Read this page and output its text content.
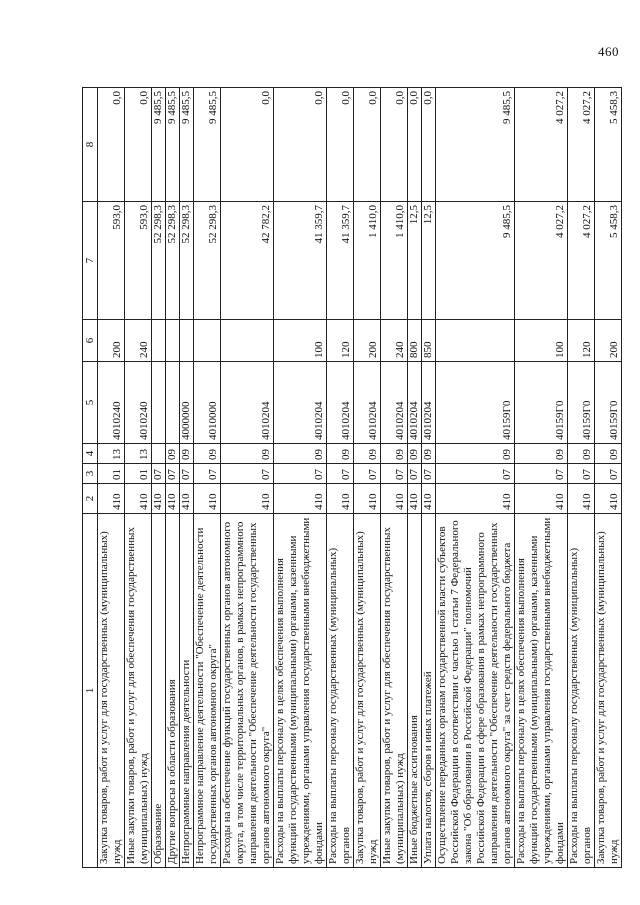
460
1	2	3	4	5	6	7	8
Закупка товаров, работ и услуг для государственных (муниципальных) нужд	410	01	13	4010240	200	593,0	0,0
Иные закупки товаров, работ и услуг для обеспечения государственных (муниципальных) нужд	410	01	13	4010240	240	593,0	0,0
Образование	410	07				52 298,3	9 485,5
Другие вопросы в области образования	410	07	09			52 298,3	9 485,5
Непрограммные направления деятельности	410	07	09	4000000		52 298,3	9 485,5
Непрограммное направление деятельности "Обеспечение деятельности государственных органов автономного округа"	410	07	09	4010000		52 298,3	9 485,5
Расходы на обеспечение функций государственных органов автономного округа, в том числе территориальных органов, в рамках непрограммного направления деятельности "Обеспечение деятельности государственных органов автономного округа"	410	07	09	4010204		42 782,2	0,0
Расходы на выплаты персоналу в целях обеспечения выполнения функций государственными (муниципальными) органами, казенными учреждениями, органами управления государственными внебюджетными фондами	410	07	09	4010204	100	41 359,7	0,0
Расходы на выплаты персоналу государственных (муниципальных) органов	410	07	09	4010204	120	41 359,7	0,0
Закупка товаров, работ и услуг для государственных (муниципальных) нужд	410	07	09	4010204	200	1 410,0	0,0
Иные закупки товаров, работ и услуг для обеспечения государственных (муниципальных) нужд	410	07	09	4010204	240	1 410,0	0,0
Иные бюджетные ассигнования	410	07	09	4010204	800	12,5	0,0
Уплата налогов, сборов и иных платежей	410	07	09	4010204	850	12,5	0,0
Осуществление переданных органам государственной власти субъектов Российской Федерации в соответствии с частью 1 статьи 7 Федерального закона "Об образовании в Российской Федерации" полномочий Российской Федерации в сфере образования в рамках непрограммного направления деятельности "Обеспечение деятельности государственных органов автономного округа" за счет средств федерального бюджета	410	07	09	40159Г0		9 485,5	9 485,5
Расходы на выплаты персоналу в целях обеспечения выполнения функций государственными (муниципальными) органами, казенными учреждениями, органами управления государственными внебюджетными фондами	410	07	09	40159Г0	100	4 027,2	4 027,2
Расходы на выплаты персоналу государственных (муниципальных) органов	410	07	09	40159Г0	120	4 027,2	4 027,2
Закупка товаров, работ и услуг для государственных (муниципальных) нужд	410	07	09	40159Г0	200	5 458,3	5 458,3
